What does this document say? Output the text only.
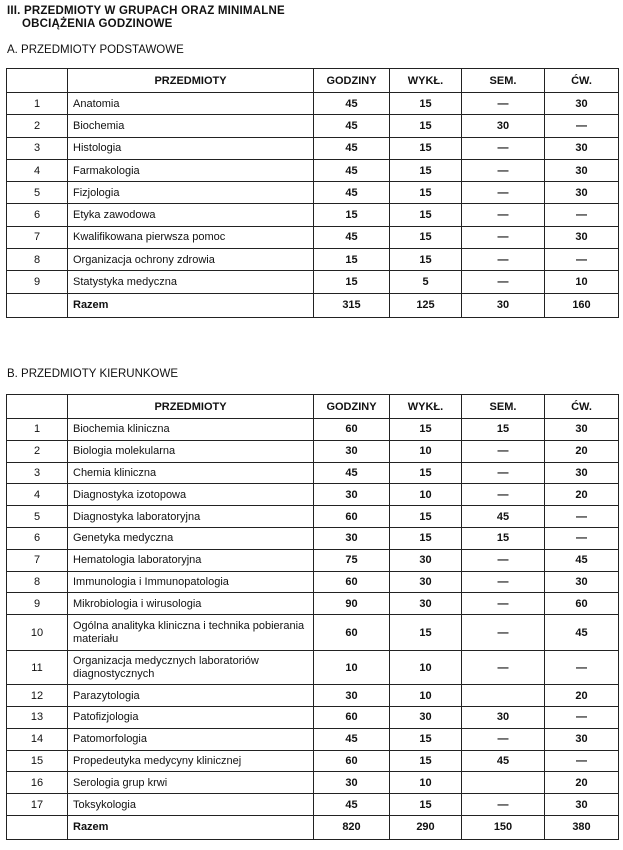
III. PRZEDMIOTY W GRUPACH ORAZ MINIMALNE
OBCIĄŻENIA GODZINOWE
A. PRZEDMIOTY PODSTAWOWE
	PRZEDMIOTY	GODZINY	WYKŁ.	SEM.	ĆW.
1	Anatomia	45	15	—	30
2	Biochemia	45	15	30	—
3	Histologia	45	15	—	30
4	Farmakologia	45	15	—	30
5	Fizjologia	45	15	—	30
6	Etyka zawodowa	15	15	—	—
7	Kwalifikowana pierwsza pomoc	45	15	—	30
8	Organizacja ochrony zdrowia	15	15	—	—
9	Statystyka medyczna	15	5	—	10
	Razem	315	125	30	160
B. PRZEDMIOTY KIERUNKOWE
	PRZEDMIOTY	GODZINY	WYKŁ.	SEM.	ĆW.
1	Biochemia kliniczna	60	15	15	30
2	Biologia molekularna	30	10	—	20
3	Chemia kliniczna	45	15	—	30
4	Diagnostyka izotopowa	30	10	—	20
5	Diagnostyka laboratoryjna	60	15	45	—
6	Genetyka medyczna	30	15	15	—
7	Hematologia laboratoryjna	75	30	—	45
8	Immunologia i Immunopatologia	60	30	—	30
9	Mikrobiologia i wirusologia	90	30	—	60
10	Ogólna analityka kliniczna i technika pobierania materiału	60	15	—	45
11	Organizacja medycznych laboratoriów diagnostycznych	10	10	—	—
12	Parazytologia	30	10		20
13	Patofizjologia	60	30	30	—
14	Patomorfologia	45	15	—	30
15	Propedeutyka medycyny klinicznej	60	15	45	—
16	Serologia grup krwi	30	10		20
17	Toksykologia	45	15	—	30
	Razem	820	290	150	380
